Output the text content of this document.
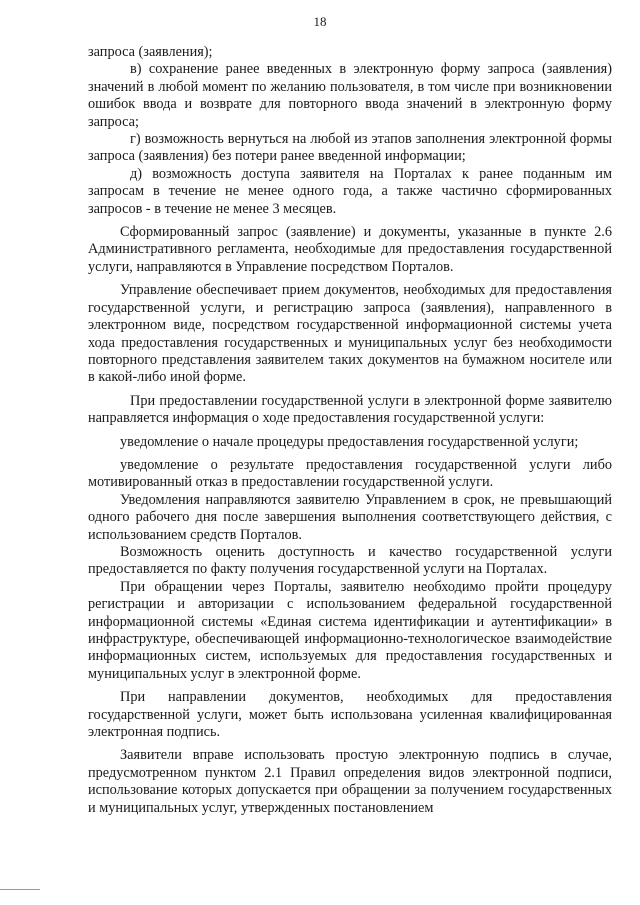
18

запроса (заявления);

в) сохранение ранее введенных в электронную форму запроса (заявления) значений в любой момент по желанию пользователя, в том числе при возникновении ошибок ввода и возврате для повторного ввода значений в электронную форму запроса;

г) возможность вернуться на любой из этапов заполнения электронной формы запроса (заявления) без потери ранее введенной информации;

д) возможность доступа заявителя на Порталах к ранее поданным им запросам в течение не менее одного года, а также частично сформированных запросов - в течение не менее 3 месяцев.

Сформированный запрос (заявление) и документы, указанные в пункте 2.6 Административного регламента, необходимые для предоставления государственной услуги, направляются в Управление посредством Порталов.

Управление обеспечивает прием документов, необходимых для предоставления государственной услуги, и регистрацию запроса (заявления), направленного в электронном виде, посредством государственной информационной системы учета хода предоставления государственных и муниципальных услуг без необходимости повторного представления заявителем таких документов на бумажном носителе или в какой-либо иной форме.

При предоставлении государственной услуги в электронной форме заявителю направляется информация о ходе предоставления государственной услуги:

уведомление о начале процедуры предоставления государственной услуги;

уведомление о результате предоставления государственной услуги либо мотивированный отказ в предоставлении государственной услуги.

Уведомления направляются заявителю Управлением в срок, не превышающий одного рабочего дня после завершения выполнения соответствующего действия, с использованием средств Порталов.

Возможность оценить доступность и качество государственной услуги предоставляется по факту получения государственной услуги на Порталах.

При обращении через Порталы, заявителю необходимо пройти процедуру регистрации и авторизации с использованием федеральной государственной информационной системы «Единая система идентификации и аутентификации» в инфраструктуре, обеспечивающей информационно-технологическое взаимодействие информационных систем, используемых для предоставления государственных и муниципальных услуг в электронной форме.

При направлении документов, необходимых для предоставления государственной услуги, может быть использована усиленная квалифицированная электронная подпись.

Заявители вправе использовать простую электронную подпись в случае, предусмотренном пунктом 2.1 Правил определения видов электронной подписи, использование которых допускается при обращении за получением государственных и муниципальных услуг, утвержденных постановлением
